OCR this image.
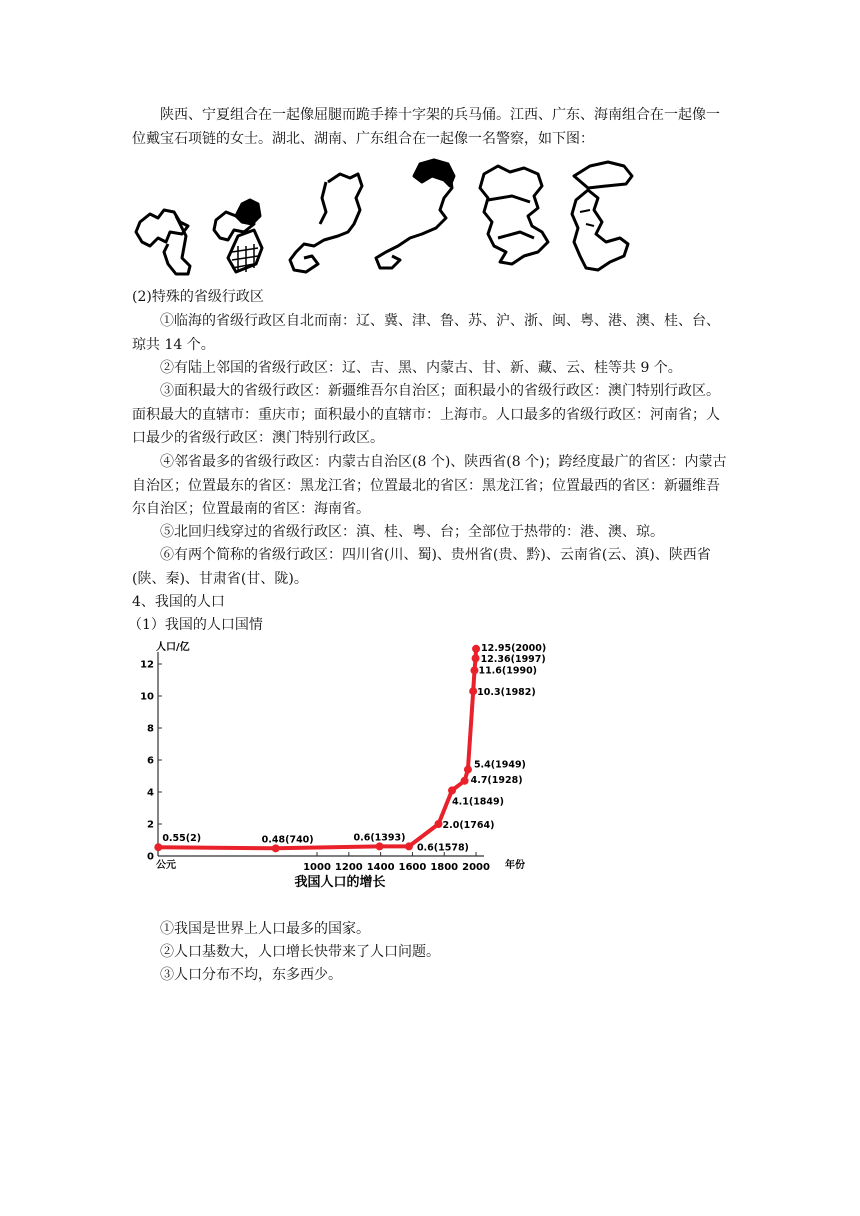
陕西、宁夏组合在一起像屈腿而跪手捧十字架的兵马俑。江西、广东、海南组合在一起像一位戴宝石项链的女士。湖北、湖南、广东组合在一起像一名警察，如下图：

(2)特殊的省级行政区

①临海的省级行政区自北而南：辽、冀、津、鲁、苏、沪、浙、闽、粤、港、澳、桂、台、琼共 14 个。

②有陆上邻国的省级行政区：辽、吉、黑、内蒙古、甘、新、藏、云、桂等共 9 个。

③面积最大的省级行政区：新疆维吾尔自治区；面积最小的省级行政区：澳门特别行政区。面积最大的直辖市：重庆市；面积最小的直辖市：上海市。人口最多的省级行政区：河南省；人口最少的省级行政区：澳门特别行政区。

④邻省最多的省级行政区：内蒙古自治区(8 个)、陕西省(8 个)；跨经度最广的省区：内蒙古自治区；位置最东的省区：黑龙江省；位置最北的省区：黑龙江省；位置最西的省区：新疆维吾尔自治区；位置最南的省区：海南省。

⑤北回归线穿过的省级行政区：滇、桂、粤、台；全部位于热带的：港、澳、琼。

⑥有两个简称的省级行政区：四川省(川、蜀)、贵州省(贵、黔)、云南省(云、滇)、陕西省(陕、秦)、甘肃省(甘、陇)。

4、我国的人口

（1）我国的人口国情

0
2
4
6
8
10
12
1000 1200 1400 1600 1800 2000
0.55(2)	0.48(740)	0.6(1393)
0.6(1578)
2.0(1764)
4.1(1849)
4.7(1928)
5.4(1949)
10.3(1982)
11.6(1990)
12.36(1997)
12.95(2000)
我国人口的增长
人口/亿
年份
公元

①我国是世界上人口最多的国家。

②人口基数大，人口增长快带来了人口问题。

③人口分布不均，东多西少。
